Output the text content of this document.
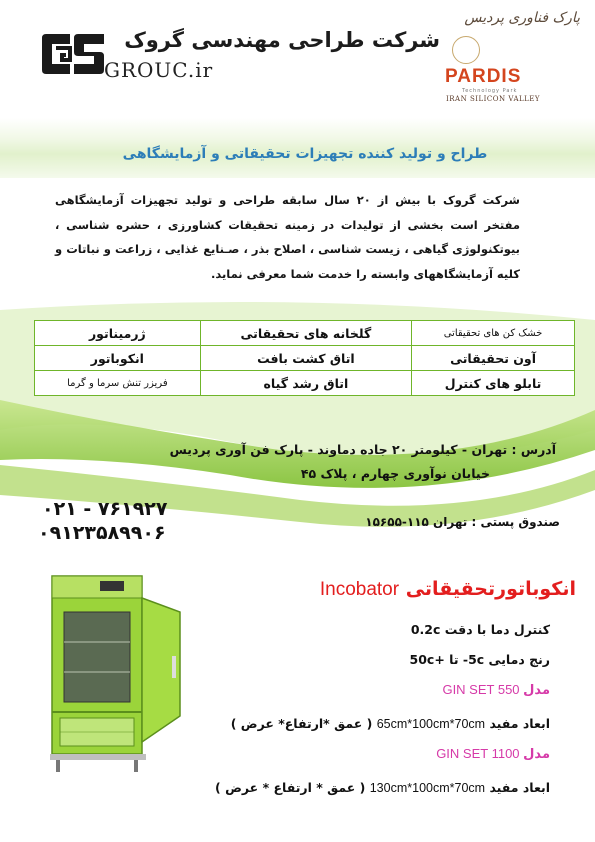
GROUC.ir
شرکت طراحی مهندسی گروک
پارک فناوری پردیس
PARDIS
Technology Park
IRAN SILICON VALLEY
طراح و تولید کننده تجهیزات تحقیقاتی و آزمایشگاهی
شرکت گروک با بیش از ۲۰ سال سابقه طراحی و تولید تجهیزات آزمایشگاهی مفتخر است بخشی از تولیدات در زمینه تحقیقات کشاورزی ، حشره شناسی ، بیوتکنولوژی گیاهی ، زیست شناسی ، اصلاح بذر ، صـنایع غذایی ، زراعت و نباتات و کلیه آزمایشگاههای وابسته را خدمت شما معرفی نماید.
ژرمیناتور	گلخانه های تحقیقاتی	خشک کن های تحقیقاتی
انکوباتور	اتاق کشت بافت	آون تحقیقاتی
فریزر تنش سرما و گرما	اتاق رشد گیاه	تابلو های کنترل
آدرس : تهران - کیلومتر ۲۰ جاده دماوند - پارک فن آوری پردیس
خیابان نوآوری چهارم ، پلاک ۴۵
۰۲۱ - ۷۶۱۹۲۷
۰۹۱۲۳۵۸۹۹۰۶	صندوق پستی : تهران ۱۱۵-۱۵۶۵۵
انکوباتورتحقیقاتی Incobator
کنترل دما با دقت 0.2c
رنج دمایی 5c- تا +50c
مدل GIN SET 550
ابعاد مفید 65cm*100cm*70cm ( عمق *ارتفاع* عرض )
مدل GIN SET 1100
ابعاد مفید 130cm*100cm*70cm ( عمق * ارتفاع * عرض )
